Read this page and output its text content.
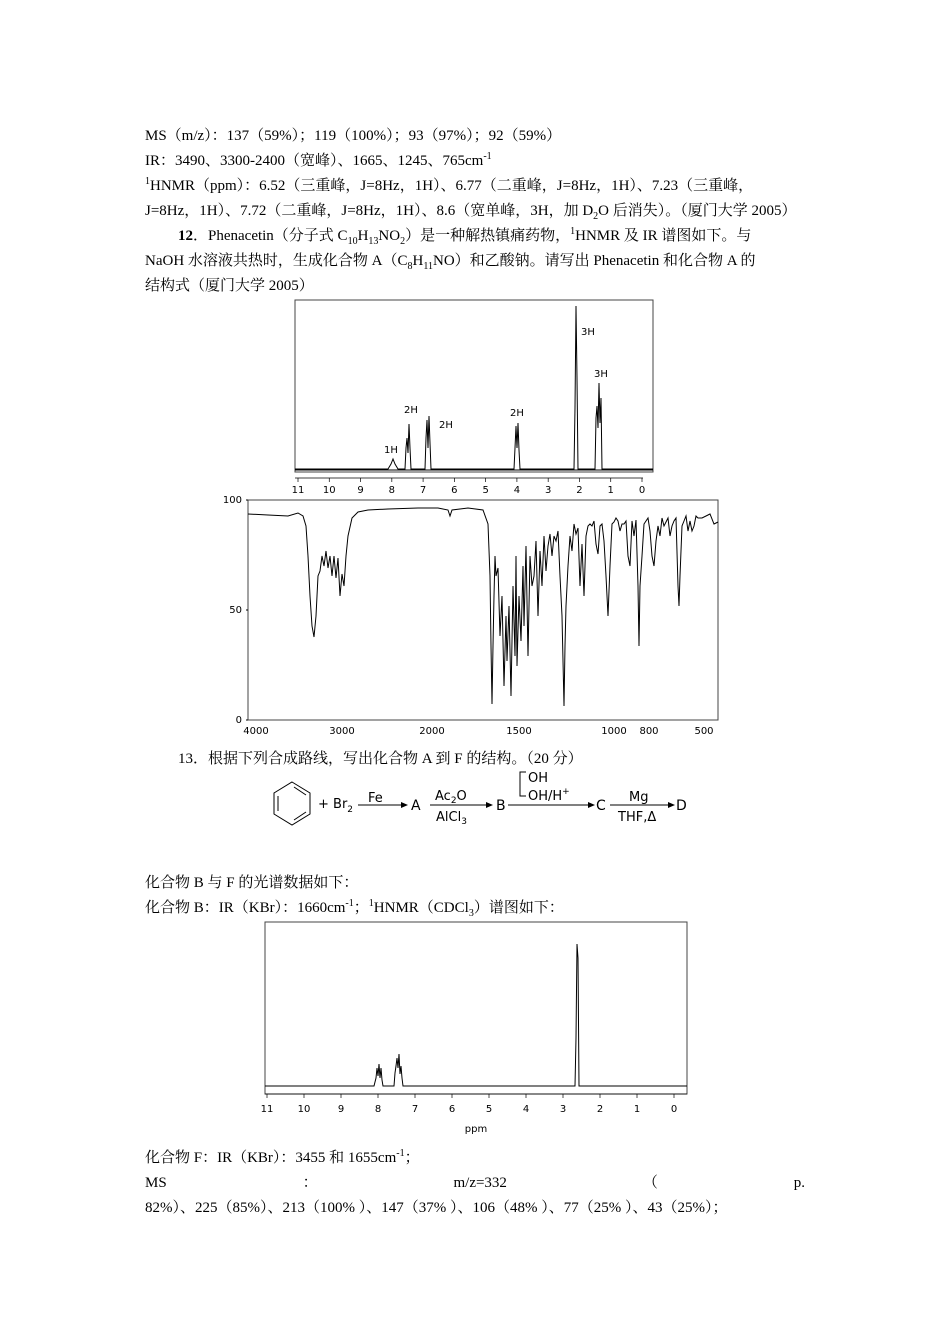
MS（m/z）：137（59%）；119（100%）；93（97%）；92（59%）
IR：3490、3300-2400（宽峰）、1665、1245、$765cm^{-1}$
$^1$HNMR（ppm）：6.52（三重峰，J=8Hz，1H）、6.77（二重峰，J=8Hz，1H）、7.23（三重峰，
J=8Hz，1H）、7.72（二重峰，J=8Hz，1H）、8.6（宽单峰，3H，加 $D_2O$ 后消失）。（厦门大学 2005）
12．Phenacetin（分子式 $C_{10}H_{13}NO_2$）是一种解热镇痛药物，$^1$HNMR 及 IR 谱图如下。与
NaOH 水溶液共热时，生成化合物 $A(C_8H_{11}NO)$和乙酸钠。请写出 Phenacetin 和化合物 A 的
结构式（厦门大学 2005）
11 10 9 8 7 6 5 4 3 2 1 0
1H
2H
2H
2H
3H
3H
100
50
0
4000	3000	2000	1500	1000 800	500
13．根据下列合成路线，写出化合物 A 到 F 的结构。（20 分）
+ $Br_2$
Fe A
$Ac_2O$
AlCl$_3$
B
OH
OH/H+
C
Mg
THF,Δ
D
化合物 B 与 F 的光谱数据如下：
化合物 B：IR（KBr）：$1660cm^{-1}$；$^1$HNMR（CDCl$_3$）谱图如下：
11 10	9	8	7	6	5	4	3	2	1	0
ppm
化合物 F：IR（KBr）：3455 和 $1655cm^{-1}$；
MS	：	m/z=332	（	p.
82%）、225（85%）、213（100% ）、147（37% ）、106（48% ）、77（25% ）、43（25%）；
